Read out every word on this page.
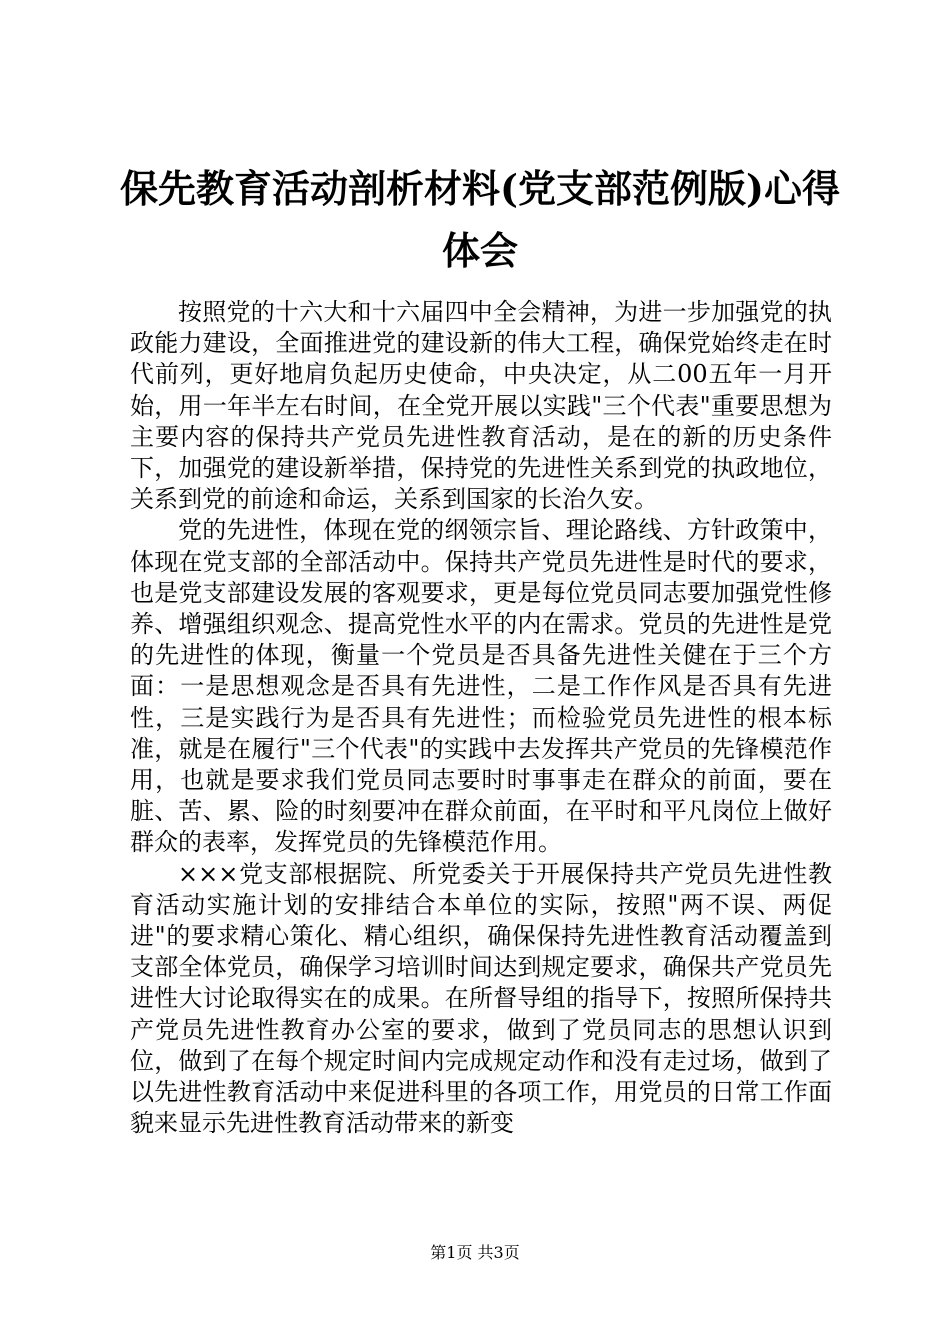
保先教育活动剖析材料(党支部范例版)心得体会

按照党的十六大和十六届四中全会精神，为进一步加强党的执政能力建设，全面推进党的建设新的伟大工程，确保党始终走在时代前列，更好地肩负起历史使命，中央决定，从二00五年一月开始，用一年半左右时间，在全党开展以实践"三个代表"重要思想为主要内容的保持共产党员先进性教育活动，是在的新的历史条件下，加强党的建设新举措，保持党的先进性关系到党的执政地位，关系到党的前途和命运，关系到国家的长治久安。

党的先进性，体现在党的纲领宗旨、理论路线、方针政策中，体现在党支部的全部活动中。保持共产党员先进性是时代的要求，也是党支部建设发展的客观要求，更是每位党员同志要加强党性修养、增强组织观念、提高党性水平的内在需求。党员的先进性是党的先进性的体现，衡量一个党员是否具备先进性关健在于三个方面：一是思想观念是否具有先进性，二是工作作风是否具有先进性，三是实践行为是否具有先进性；而检验党员先进性的根本标准，就是在履行"三个代表"的实践中去发挥共产党员的先锋模范作用，也就是要求我们党员同志要时时事事走在群众的前面，要在脏、苦、累、险的时刻要冲在群众前面，在平时和平凡岗位上做好群众的表率，发挥党员的先锋模范作用。

×××党支部根据院、所党委关于开展保持共产党员先进性教育活动实施计划的安排结合本单位的实际，按照"两不误、两促进"的要求精心策化、精心组织，确保保持先进性教育活动覆盖到支部全体党员，确保学习培训时间达到规定要求，确保共产党员先进性大讨论取得实在的成果。在所督导组的指导下，按照所保持共产党员先进性教育办公室的要求，做到了党员同志的思想认识到位，做到了在每个规定时间内完成规定动作和没有走过场，做到了以先进性教育活动中来促进科里的各项工作，用党员的日常工作面貌来显示先进性教育活动带来的新变

第1页 共3页
